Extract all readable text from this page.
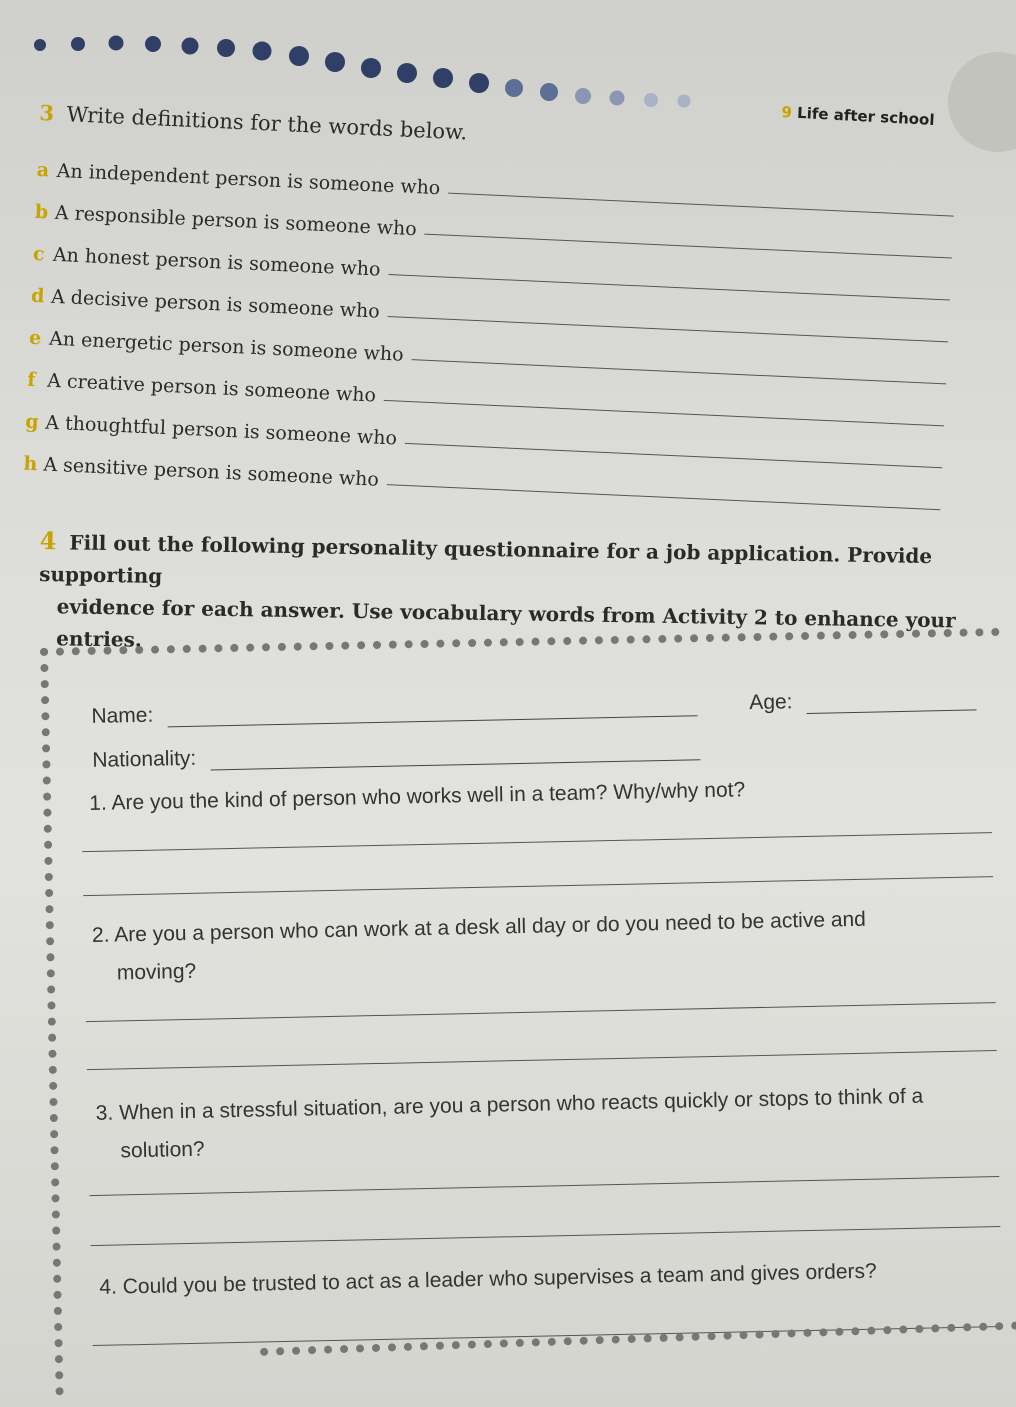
9 Life after school
3 Write definitions for the words below.
a An independent person is someone who
b A responsible person is someone who
c An honest person is someone who
d A decisive person is someone who
e An energetic person is someone who
f A creative person is someone who
g A thoughtful person is someone who
h A sensitive person is someone who
4 Fill out the following personality questionnaire for a job application. Provide supporting
evidence for each answer. Use vocabulary words from Activity 2 to enhance your entries.
Name:
Age:
Nationality:
1. Are you the kind of person who works well in a team? Why/why not?
2. Are you a person who can work at a desk all day or do you need to be active and
moving?
3. When in a stressful situation, are you a person who reacts quickly or stops to think of a
solution?
4. Could you be trusted to act as a leader who supervises a team and gives orders?
